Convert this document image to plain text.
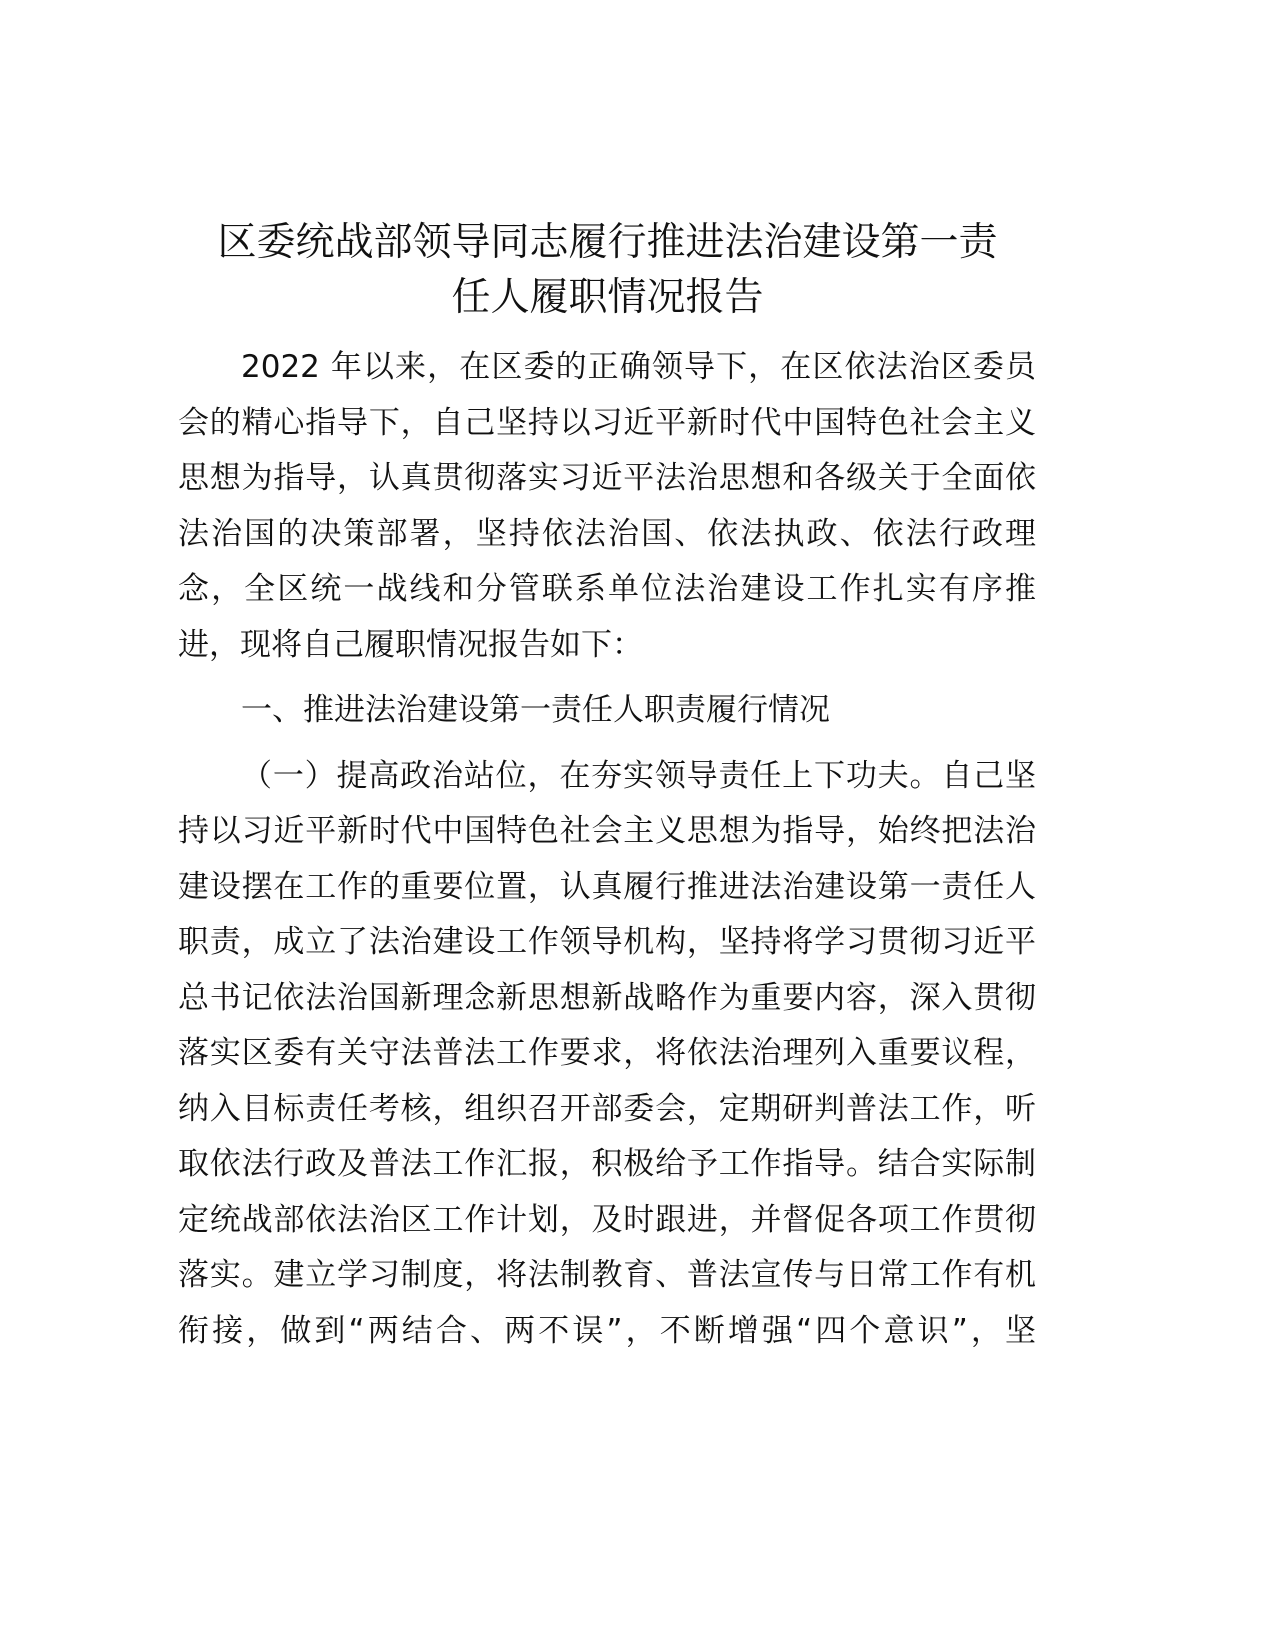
区委统战部领导同志履行推进法治建设第一责
任人履职情况报告
2022 年以来，在区委的正确领导下，在区依法治区委员
会的精心指导下，自己坚持以习近平新时代中国特色社会主义
思想为指导，认真贯彻落实习近平法治思想和各级关于全面依
法治国的决策部署，坚持依法治国、依法执政、依法行政理
念，全区统一战线和分管联系单位法治建设工作扎实有序推
进，现将自己履职情况报告如下：
一、推进法治建设第一责任人职责履行情况
（一）提高政治站位，在夯实领导责任上下功夫。自己坚
持以习近平新时代中国特色社会主义思想为指导，始终把法治
建设摆在工作的重要位置，认真履行推进法治建设第一责任人
职责，成立了法治建设工作领导机构，坚持将学习贯彻习近平
总书记依法治国新理念新思想新战略作为重要内容，深入贯彻
落实区委有关守法普法工作要求，将依法治理列入重要议程，
纳入目标责任考核，组织召开部委会，定期研判普法工作，听
取依法行政及普法工作汇报，积极给予工作指导。结合实际制
定统战部依法治区工作计划，及时跟进，并督促各项工作贯彻
落实。建立学习制度，将法制教育、普法宣传与日常工作有机
衔接，做到“两结合、两不误”，不断增强“四个意识”，坚
